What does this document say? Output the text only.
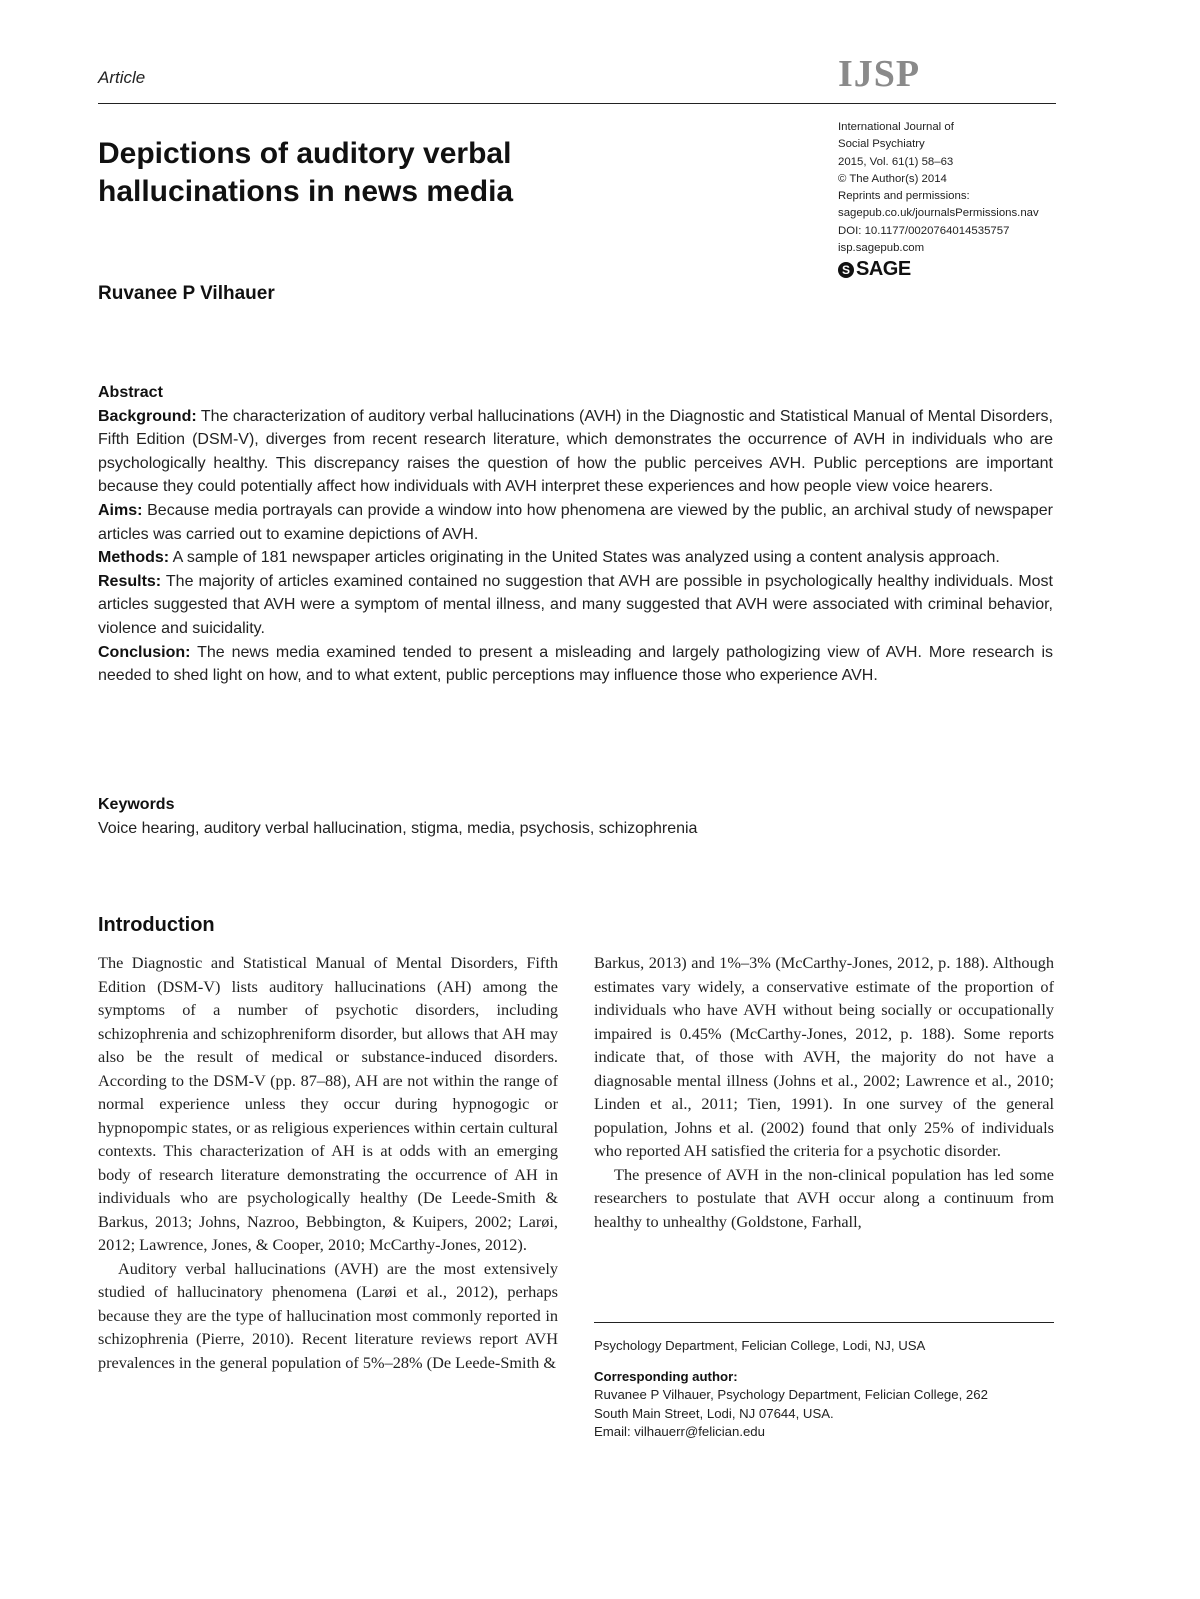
Article	IJSP
Depictions of auditory verbal hallucinations in news media
Ruvanee P Vilhauer
International Journal of
Social Psychiatry
2015, Vol. 61(1) 58–63
© The Author(s) 2014
Reprints and permissions:
sagepub.co.uk/journalsPermissions.nav
DOI: 10.1177/0020764014535757
isp.sagepub.com
S SAGE
Abstract

Background: The characterization of auditory verbal hallucinations (AVH) in the Diagnostic and Statistical Manual of Mental Disorders, Fifth Edition (DSM-V), diverges from recent research literature, which demonstrates the occurrence of AVH in individuals who are psychologically healthy. This discrepancy raises the question of how the public perceives AVH. Public perceptions are important because they could potentially affect how individuals with AVH interpret these experiences and how people view voice hearers.

Aims: Because media portrayals can provide a window into how phenomena are viewed by the public, an archival study of newspaper articles was carried out to examine depictions of AVH.

Methods: A sample of 181 newspaper articles originating in the United States was analyzed using a content analysis approach.

Results: The majority of articles examined contained no suggestion that AVH are possible in psychologically healthy individuals. Most articles suggested that AVH were a symptom of mental illness, and many suggested that AVH were associated with criminal behavior, violence and suicidality.

Conclusion: The news media examined tended to present a misleading and largely pathologizing view of AVH. More research is needed to shed light on how, and to what extent, public perceptions may influence those who experience AVH.

Keywords

Voice hearing, auditory verbal hallucination, stigma, media, psychosis, schizophrenia

Introduction

The Diagnostic and Statistical Manual of Mental Disorders, Fifth Edition (DSM-V) lists auditory hallucinations (AH) among the symptoms of a number of psychotic disorders, including schizophrenia and schizophreniform disorder, but allows that AH may also be the result of medical or substance-induced disorders. According to the DSM-V (pp. 87–88), AH are not within the range of normal experience unless they occur during hypnogogic or hypnopompic states, or as religious experiences within certain cultural contexts. This characterization of AH is at odds with an emerging body of research literature demonstrating the occurrence of AH in individuals who are psychologically healthy (De Leede-Smith & Barkus, 2013; Johns, Nazroo, Bebbington, & Kuipers, 2002; Larøi, 2012; Lawrence, Jones, & Cooper, 2010; McCarthy-Jones, 2012).

Auditory verbal hallucinations (AVH) are the most extensively studied of hallucinatory phenomena (Larøi et al., 2012), perhaps because they are the type of hallucination most commonly reported in schizophrenia (Pierre, 2010). Recent literature reviews report AVH prevalences in the general population of 5%–28% (De Leede-Smith &

Barkus, 2013) and 1%–3% (McCarthy-Jones, 2012, p. 188). Although estimates vary widely, a conservative estimate of the proportion of individuals who have AVH without being socially or occupationally impaired is 0.45% (McCarthy-Jones, 2012, p. 188). Some reports indicate that, of those with AVH, the majority do not have a diagnosable mental illness (Johns et al., 2002; Lawrence et al., 2010; Linden et al., 2011; Tien, 1991). In one survey of the general population, Johns et al. (2002) found that only 25% of individuals who reported AH satisfied the criteria for a psychotic disorder.

The presence of AVH in the non-clinical population has led some researchers to postulate that AVH occur along a continuum from healthy to unhealthy (Goldstone, Farhall,

Psychology Department, Felician College, Lodi, NJ, USA

Corresponding author:

Ruvanee P Vilhauer, Psychology Department, Felician College, 262

South Main Street, Lodi, NJ 07644, USA.

Email: vilhauerr@felician.edu
